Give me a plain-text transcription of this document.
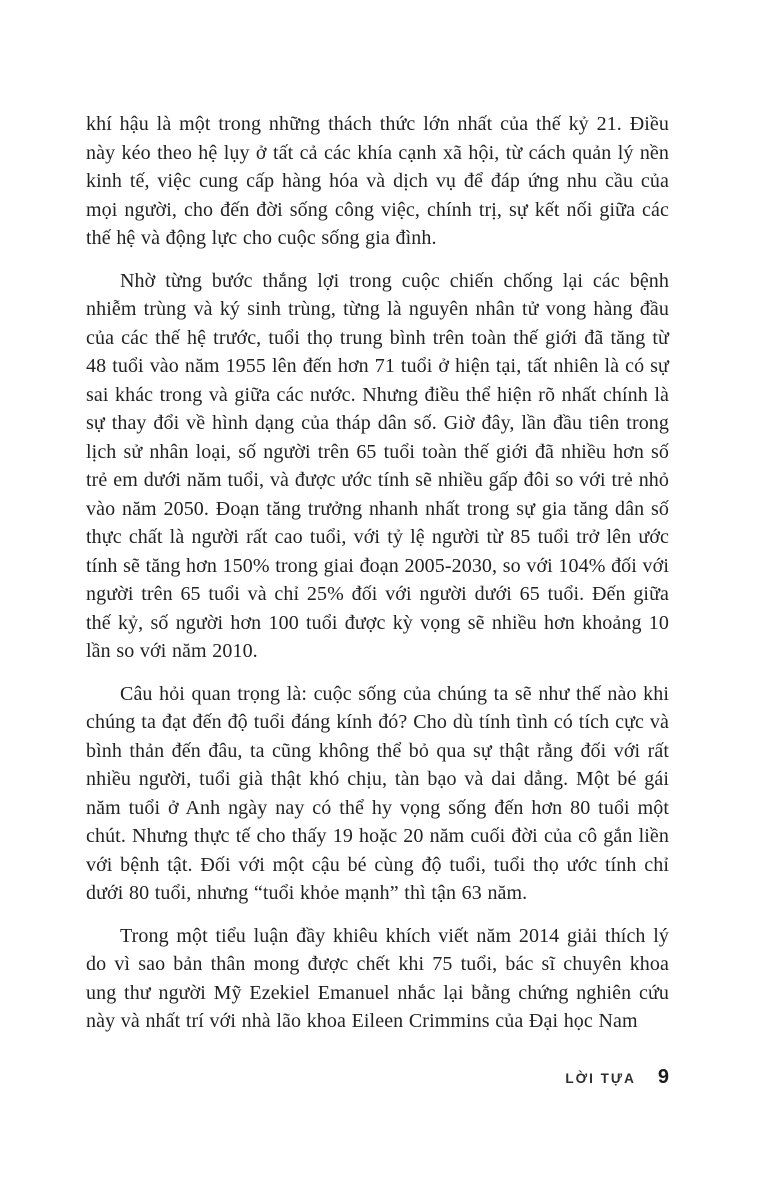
khí hậu là một trong những thách thức lớn nhất của thế kỷ 21. Điều này kéo theo hệ lụy ở tất cả các khía cạnh xã hội, từ cách quản lý nền kinh tế, việc cung cấp hàng hóa và dịch vụ để đáp ứng nhu cầu của mọi người, cho đến đời sống công việc, chính trị, sự kết nối giữa các thế hệ và động lực cho cuộc sống gia đình.

Nhờ từng bước thắng lợi trong cuộc chiến chống lại các bệnh nhiễm trùng và ký sinh trùng, từng là nguyên nhân tử vong hàng đầu của các thế hệ trước, tuổi thọ trung bình trên toàn thế giới đã tăng từ 48 tuổi vào năm 1955 lên đến hơn 71 tuổi ở hiện tại, tất nhiên là có sự sai khác trong và giữa các nước. Nhưng điều thể hiện rõ nhất chính là sự thay đổi về hình dạng của tháp dân số. Giờ đây, lần đầu tiên trong lịch sử nhân loại, số người trên 65 tuổi toàn thế giới đã nhiều hơn số trẻ em dưới năm tuổi, và được ước tính sẽ nhiều gấp đôi so với trẻ nhỏ vào năm 2050. Đoạn tăng trưởng nhanh nhất trong sự gia tăng dân số thực chất là người rất cao tuổi, với tỷ lệ người từ 85 tuổi trở lên ước tính sẽ tăng hơn 150% trong giai đoạn 2005-2030, so với 104% đối với người trên 65 tuổi và chỉ 25% đối với người dưới 65 tuổi. Đến giữa thế kỷ, số người hơn 100 tuổi được kỳ vọng sẽ nhiều hơn khoảng 10 lần so với năm 2010.

Câu hỏi quan trọng là: cuộc sống của chúng ta sẽ như thế nào khi chúng ta đạt đến độ tuổi đáng kính đó? Cho dù tính tình có tích cực và bình thản đến đâu, ta cũng không thể bỏ qua sự thật rằng đối với rất nhiều người, tuổi già thật khó chịu, tàn bạo và dai dẳng. Một bé gái năm tuổi ở Anh ngày nay có thể hy vọng sống đến hơn 80 tuổi một chút. Nhưng thực tế cho thấy 19 hoặc 20 năm cuối đời của cô gắn liền với bệnh tật. Đối với một cậu bé cùng độ tuổi, tuổi thọ ước tính chỉ dưới 80 tuổi, nhưng “tuổi khỏe mạnh” thì tận 63 năm.

Trong một tiểu luận đầy khiêu khích viết năm 2014 giải thích lý do vì sao bản thân mong được chết khi 75 tuổi, bác sĩ chuyên khoa ung thư người Mỹ Ezekiel Emanuel nhắc lại bằng chứng nghiên cứu này và nhất trí với nhà lão khoa Eileen Crimmins của Đại học Nam

LỜI TỰA 9
